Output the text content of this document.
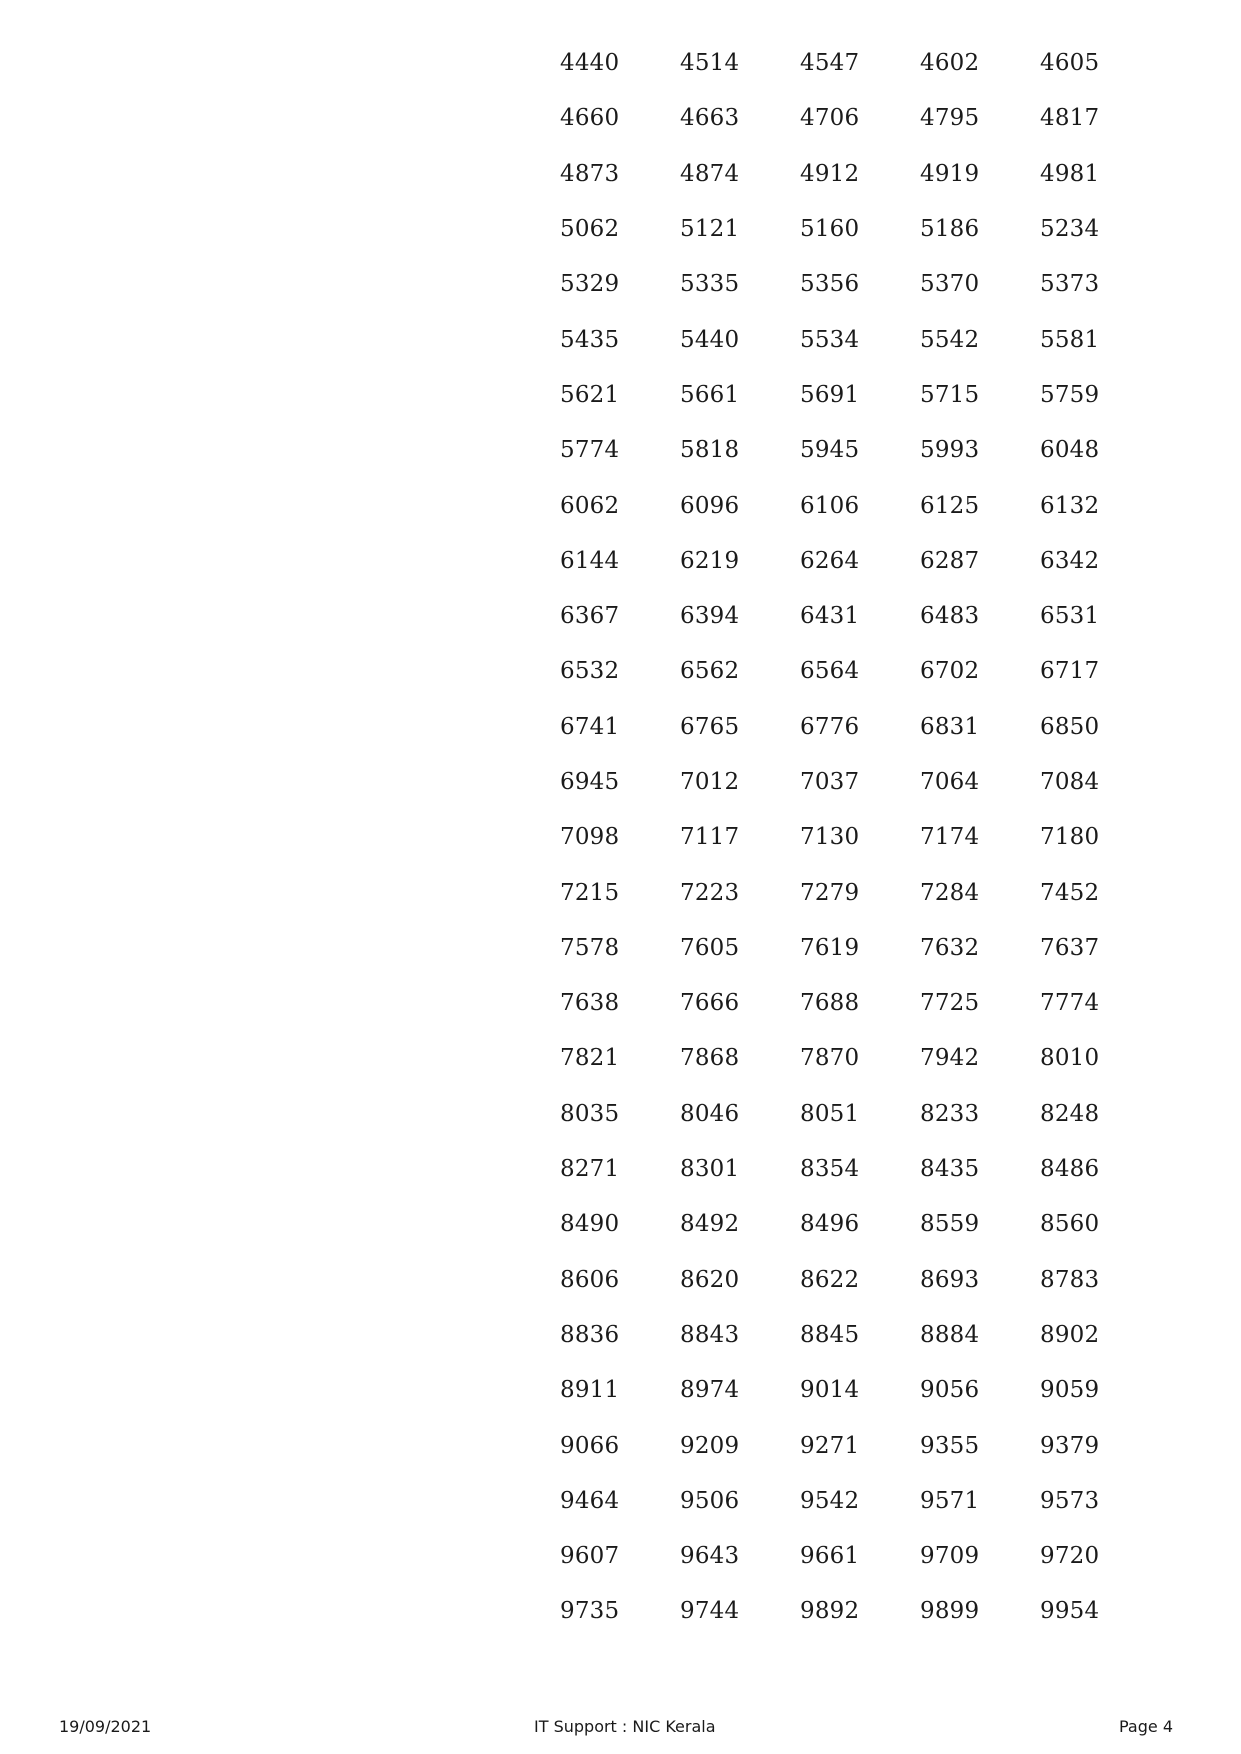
4440	4514	4547	4602	4605
4660	4663	4706	4795	4817
4873	4874	4912	4919	4981
5062	5121	5160	5186	5234
5329	5335	5356	5370	5373
5435	5440	5534	5542	5581
5621	5661	5691	5715	5759
5774	5818	5945	5993	6048
6062	6096	6106	6125	6132
6144	6219	6264	6287	6342
6367	6394	6431	6483	6531
6532	6562	6564	6702	6717
6741	6765	6776	6831	6850
6945	7012	7037	7064	7084
7098	7117	7130	7174	7180
7215	7223	7279	7284	7452
7578	7605	7619	7632	7637
7638	7666	7688	7725	7774
7821	7868	7870	7942	8010
8035	8046	8051	8233	8248
8271	8301	8354	8435	8486
8490	8492	8496	8559	8560
8606	8620	8622	8693	8783
8836	8843	8845	8884	8902
8911	8974	9014	9056	9059
9066	9209	9271	9355	9379
9464	9506	9542	9571	9573
9607	9643	9661	9709	9720
9735	9744	9892	9899	9954
19/09/2021	IT Support : NIC Kerala	Page 4
